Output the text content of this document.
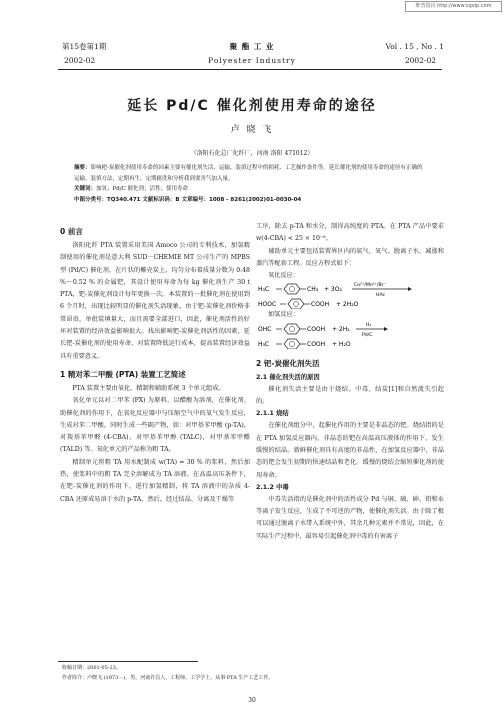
维普资讯 http://www.cqvip.com
第15卷第1期
2002-02
聚 酯 工 业
Polyester Industry
Vol . 15 , No . 1
2002-02
延长 Pd/C 催化剂使用寿命的途径
卢 晓 飞
（洛阳石化总厂化纤厂，河南 洛阳 471012）
摘要：影响耙-炭催化剂使用寿命的因素主要有催化剂失活、运输、装填过程中的损耗、工艺操作条件等。延长催化剂的使用寿命的途径有正确的运输、装填方法，定期再生，定期耐洗和分析我到要害气加入量。
关键词：加氢；Pd/C 催化剂；活性；使用寿命
中图分类号：TQ340.471 文献标识码：B 文章编号：1008 - 8261(2002)01-0030-04
0 前言

洛阳化纤 PTA 装置采用美国 Amoco 公司的专利技术，加氢精制使用的催化剂是意大利 SUD－CHEMIE MT 公司生产的 MPBS 型 (Pd/C) 催化剂，在片状的椰壳炭上，均匀分布着质量分数为 0.48 %～0.52 % 的金属钯，其设计使用寿命为每 kg 催化剂生产 30 t PTA，钯-炭催化剂设计每年更换一次。本装置的一批催化剂在使用到 6 个月时，出现比较明显的催化剂失活现象。由于钯-炭催化剂价格非常昂贵，单批装填量大，而且需要全部进口，因此，催化剂活性的好坏对装置的经济效益影响很大。找出影响钯-炭催化剂活性的因素，延长钯-炭催化剂的使用寿命，对装置降低运行成本，提高装置经济效益具有重要意义。

1 精对苯二甲酸 (PTA) 装置工艺简述

PTA 装置主要由氧化、精制和辅助系统 3 个单元组成。

氧化单元以对二甲苯 (PX) 为原料，以醋酸为溶剂，在催化剂、助催化剂的作用下，在氧化反应器中与压缩空气中的氧气发生反应，生成对苯二甲酸，同时生成一些副产物，如：对甲基苯甲酸 (p-TA)，对羧基苯甲醛 (4-CBA)，对甲基苯甲醇 (TALC)，对甲基苯甲醛 (TALD) 等。氧化单元的产品称为粗 TA。

精制单元将粗 TA 用水配制成 w(TA) = 30 % 的浆料，然后加热，使浆料中的粗 TA 完全溶解成为 TA 溶液。在高温高压条件下，在钯-炭催化剂的作用下，进行加氢精制，将 TA 溶液中的杂质 4-CBA 还原成易溶于水的 p-TA，然后，经过结晶、分离及干燥等

工序，除去 p-TA 和水分，制得高纯度的 PTA。在 PTA 产品中要求 w(4-CBA) < 25 × 10⁻⁶。

辅助单元主要包括装置界区内的氮气、氧气、脱离子水、减涨和蒸汽等配套工程。反应方程式如下：

氧化反应：
H₃C	CH₃ + 3O₂
Co²⁺/Mn²⁺/Br⁻
HAc
HOOC	COOH + 2H₂O
加氢反应：
OHC	COOH + 2H₂
H₂
Pd/C
H₃C	COOH + H₂O
2 钯-炭催化剂失活
2.1 催化剂失活的原因

催化剂失活主要是由于烧结、中毒、结炭[1]和自然流失引起的。

2.1.1 烧结

在催化剂组分中，起催化作用的主要是非晶态的钯。烧结指的是在 PTA 加氢反应器内，非晶态的钯在高温高压液体的作用下，发生缓慢的结晶。新鲜催化剂具有高度的非晶性，在加氢反应器中，非晶态的钯会发生初期的快速结晶和老化。缓慢的烧结会缩短催化剂的使用寿命。

2.1.2 中毒

中毒失活指的是催化剂中的活性成分 Pd 与铜、硫、砷、铅和汞等离子发生反应，生成了不可逆的产物，使催化剂失活。由于除了极可以通过脱离子水带入系统中外，其余几种元素并不常见，因此，在实际生产过程中，最容易引起催化剂中毒的有害离子

收稿日期：2001-05-23。
作者简介：卢晓飞 (1973－)，男，河南许昌人，工程师，工学学士，从事 PTA 生产工艺工作。
30
